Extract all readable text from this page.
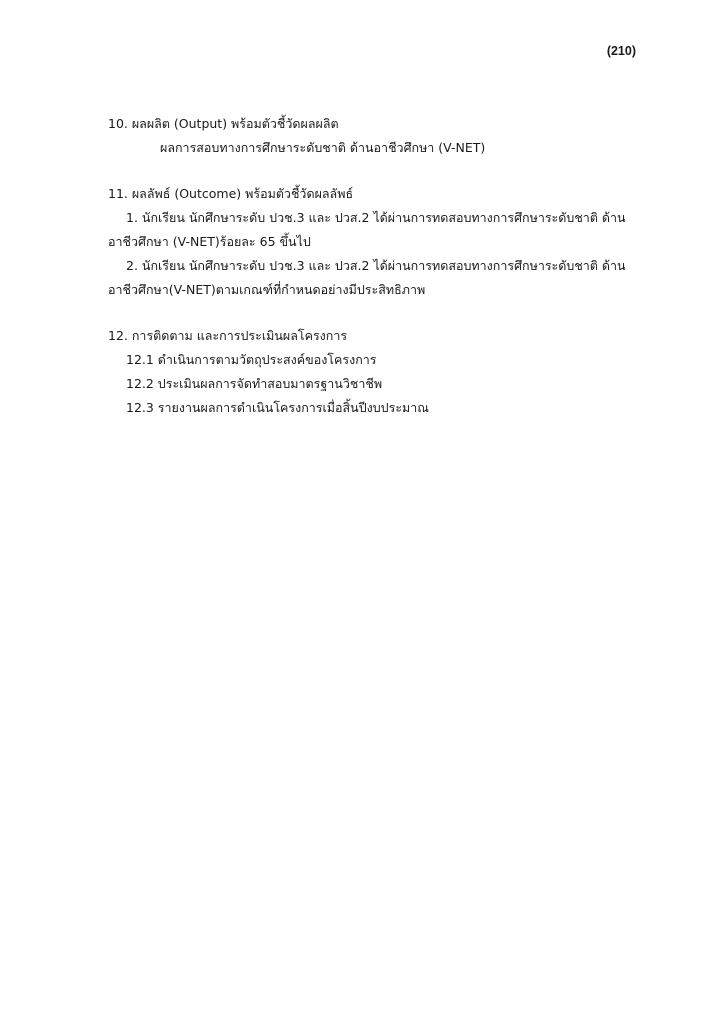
(210)
10. ผลผลิต (Output) พร้อมตัวชี้วัดผลผลิต
ผลการสอบทางการศึกษาระดับชาติ ด้านอาชีวศึกษา (V-NET)
11. ผลลัพธ์ (Outcome) พร้อมตัวชี้วัดผลลัพธ์
1. นักเรียน นักศึกษาระดับ ปวช.3 และ ปวส.2 ได้ผ่านการทดสอบทางการศึกษาระดับชาติ ด้าน
อาชีวศึกษา (V-NET)ร้อยละ 65 ขึ้นไป
2. นักเรียน นักศึกษาระดับ ปวช.3 และ ปวส.2 ได้ผ่านการทดสอบทางการศึกษาระดับชาติ ด้าน
อาชีวศึกษา(V-NET)ตามเกณฑ์ที่กำหนดอย่างมีประสิทธิภาพ
12. การติดตาม และการประเมินผลโครงการ
12.1 ดำเนินการตามวัตถุประสงค์ของโครงการ
12.2 ประเมินผลการจัดทำสอบมาตรฐานวิชาชีพ
12.3 รายงานผลการดำเนินโครงการเมื่อสิ้นปีงบประมาณ
